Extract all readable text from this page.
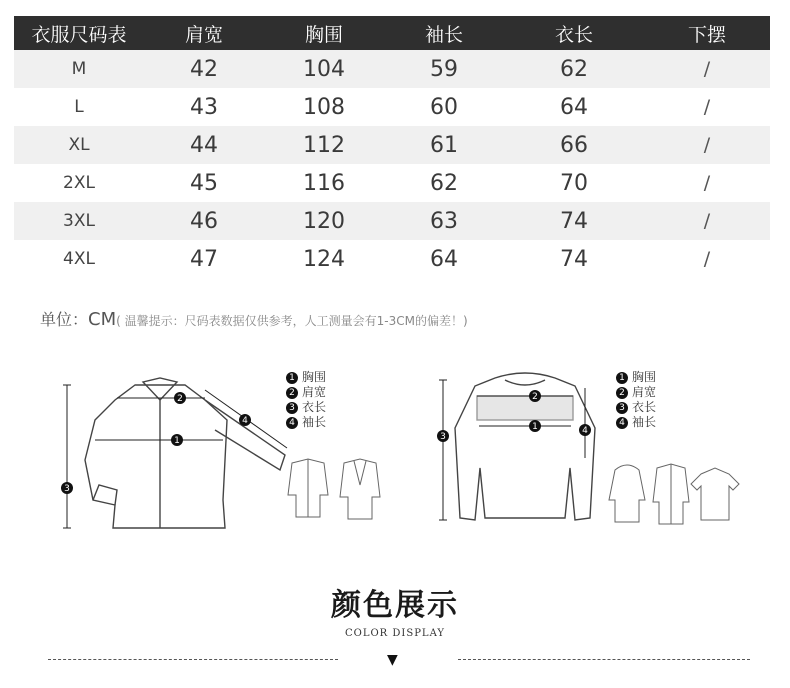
衣服尺码表	肩宽	胸围	袖长	衣长	下摆
M	42	104	59	62	/
L	43	108	60	64	/
XL	44	112	61	66	/
2XL	45	116	62	70	/
3XL	46	120	63	74	/
4XL	47	124	64	74	/
单位：CM( 温馨提示：尺码表数据仅供参考，人工测量会有1-3CM的偏差！)
2
4
1
3
1 胸围
2 肩宽
3 衣长
4 袖长
2
1
3
4
1 胸围
2 肩宽
3 衣长
4 袖长
颜色展示
COLOR DISPLAY
▼
